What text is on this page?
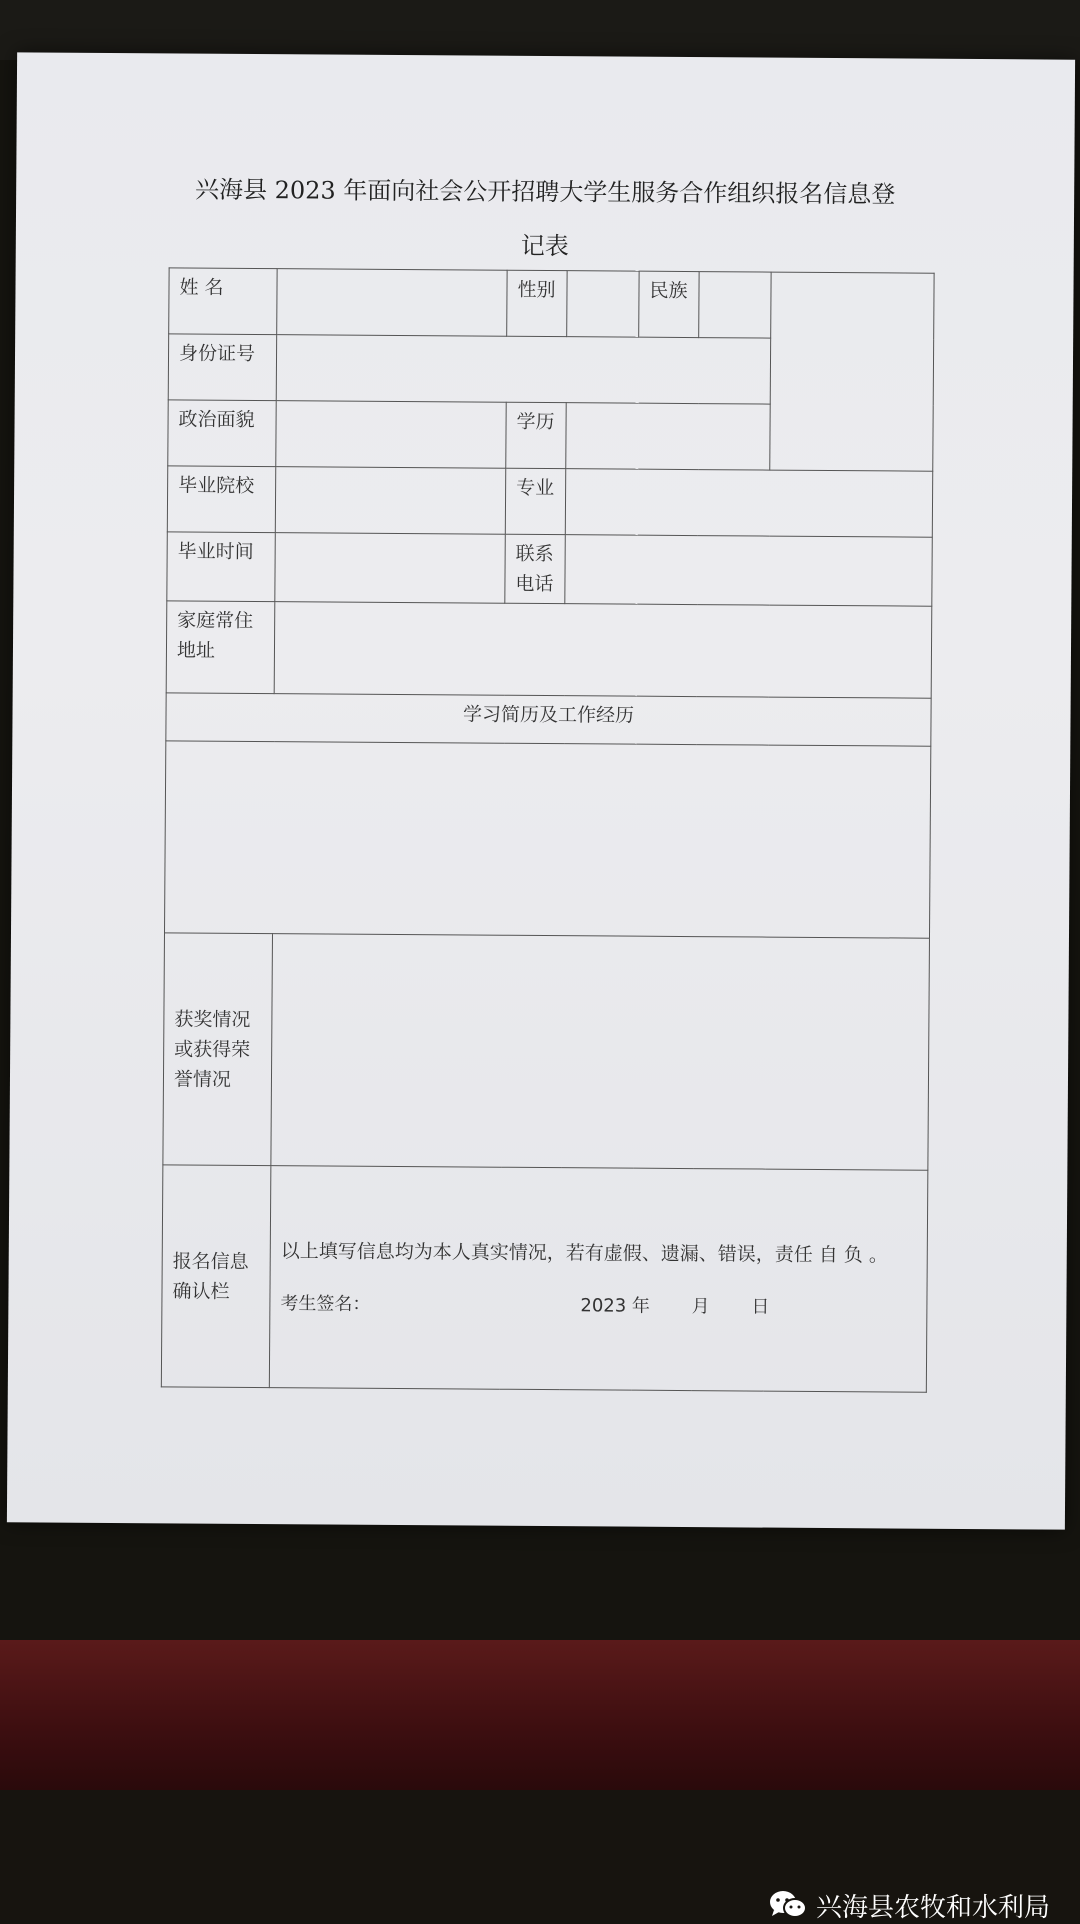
兴海县 2023 年面向社会公开招聘大学生服务合作组织报名信息登
记表
姓 名		性别		民族		
身份证号						
政治面貌		学历				
毕业院校		专业				
毕业时间		联系电话				
家庭常住地址						
学习简历及工作经历						

获奖情况或获得荣誉情况						
报名信息确认栏	以上填写信息均为本人真实情况，若有虚假、遗漏、错误，责任 自 负 。
考生签名： 2023 年　　 月　　 日					
兴海县农牧和水利局
